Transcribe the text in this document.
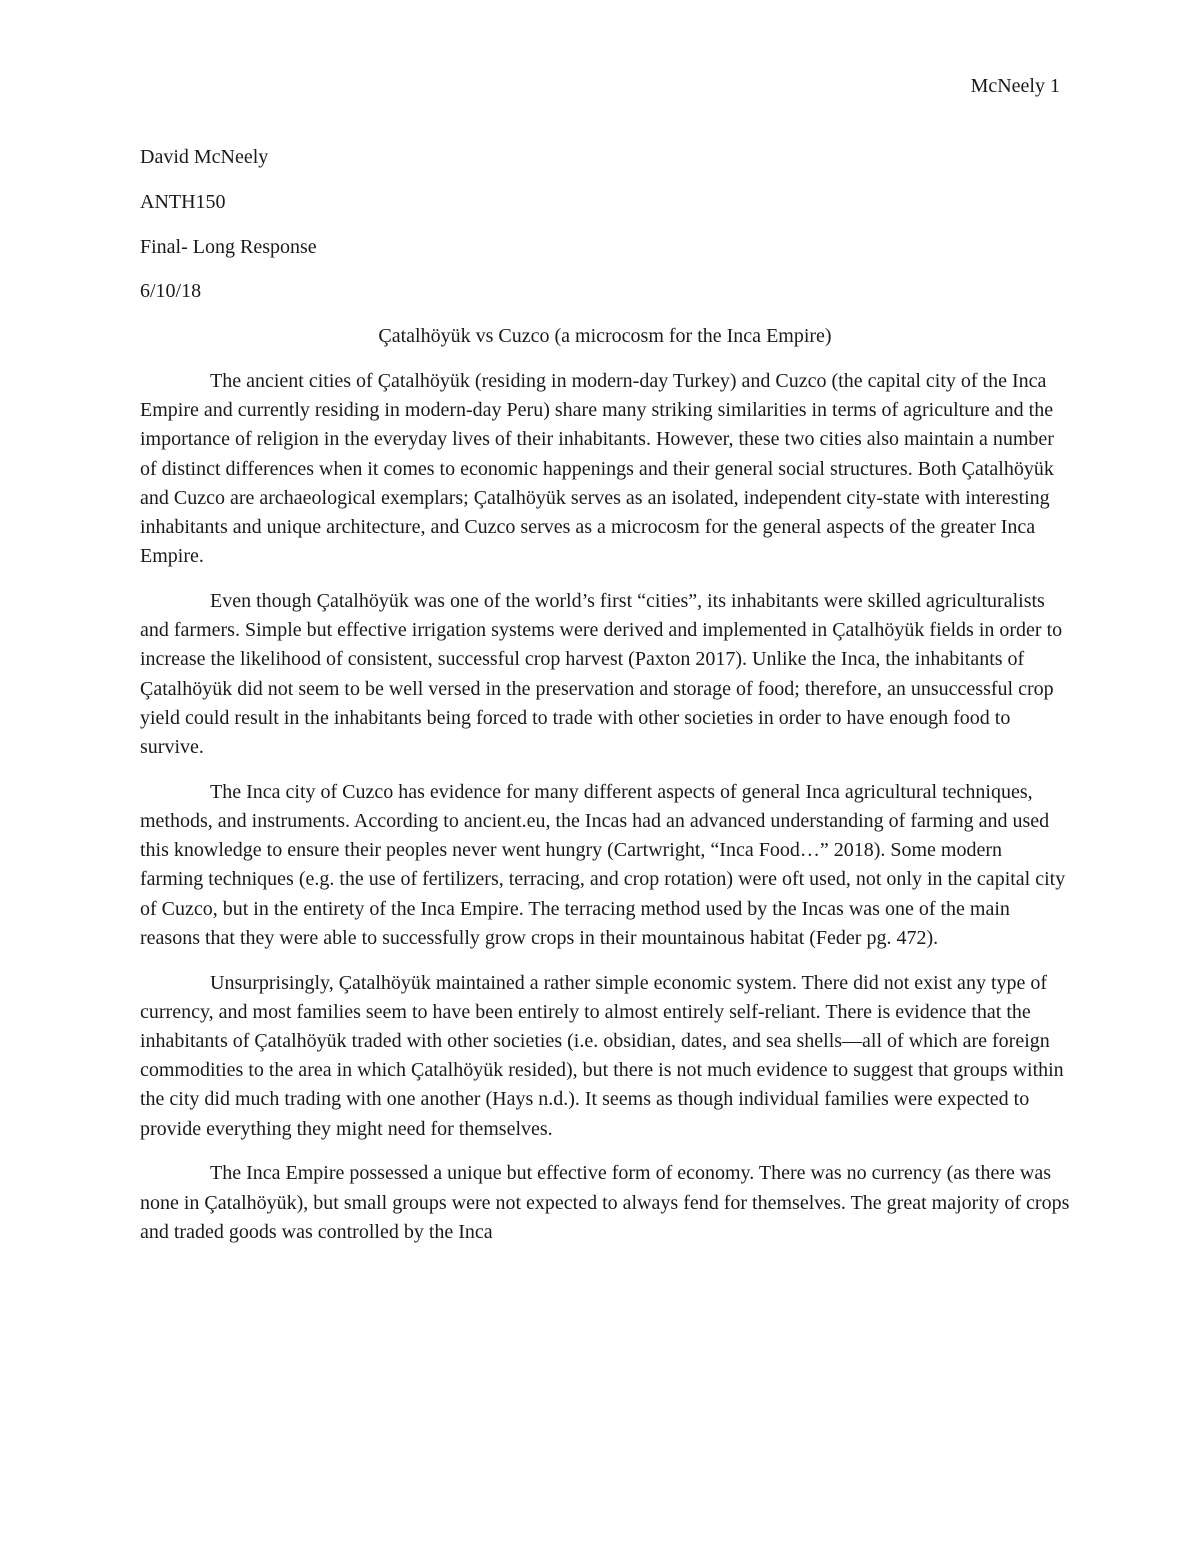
McNeely 1
David McNeely
ANTH150
Final- Long Response
6/10/18
Çatalhöyük vs Cuzco (a microcosm for the Inca Empire)

The ancient cities of Çatalhöyük (residing in modern-day Turkey) and Cuzco (the capital city of the Inca Empire and currently residing in modern-day Peru) share many striking similarities in terms of agriculture and the importance of religion in the everyday lives of their inhabitants. However, these two cities also maintain a number of distinct differences when it comes to economic happenings and their general social structures. Both Çatalhöyük and Cuzco are archaeological exemplars; Çatalhöyük serves as an isolated, independent city-state with interesting inhabitants and unique architecture, and Cuzco serves as a microcosm for the general aspects of the greater Inca Empire.

Even though Çatalhöyük was one of the world’s first “cities”, its inhabitants were skilled agriculturalists and farmers. Simple but effective irrigation systems were derived and implemented in Çatalhöyük fields in order to increase the likelihood of consistent, successful crop harvest (Paxton 2017). Unlike the Inca, the inhabitants of Çatalhöyük did not seem to be well versed in the preservation and storage of food; therefore, an unsuccessful crop yield could result in the inhabitants being forced to trade with other societies in order to have enough food to survive.

The Inca city of Cuzco has evidence for many different aspects of general Inca agricultural techniques, methods, and instruments. According to ancient.eu, the Incas had an advanced understanding of farming and used this knowledge to ensure their peoples never went hungry (Cartwright, “Inca Food…” 2018). Some modern farming techniques (e.g. the use of fertilizers, terracing, and crop rotation) were oft used, not only in the capital city of Cuzco, but in the entirety of the Inca Empire. The terracing method used by the Incas was one of the main reasons that they were able to successfully grow crops in their mountainous habitat (Feder pg. 472).

Unsurprisingly, Çatalhöyük maintained a rather simple economic system. There did not exist any type of currency, and most families seem to have been entirely to almost entirely self-reliant. There is evidence that the inhabitants of Çatalhöyük traded with other societies (i.e. obsidian, dates, and sea shells—all of which are foreign commodities to the area in which Çatalhöyük resided), but there is not much evidence to suggest that groups within the city did much trading with one another (Hays n.d.). It seems as though individual families were expected to provide everything they might need for themselves.

The Inca Empire possessed a unique but effective form of economy. There was no currency (as there was none in Çatalhöyük), but small groups were not expected to always fend for themselves. The great majority of crops and traded goods was controlled by the Inca
